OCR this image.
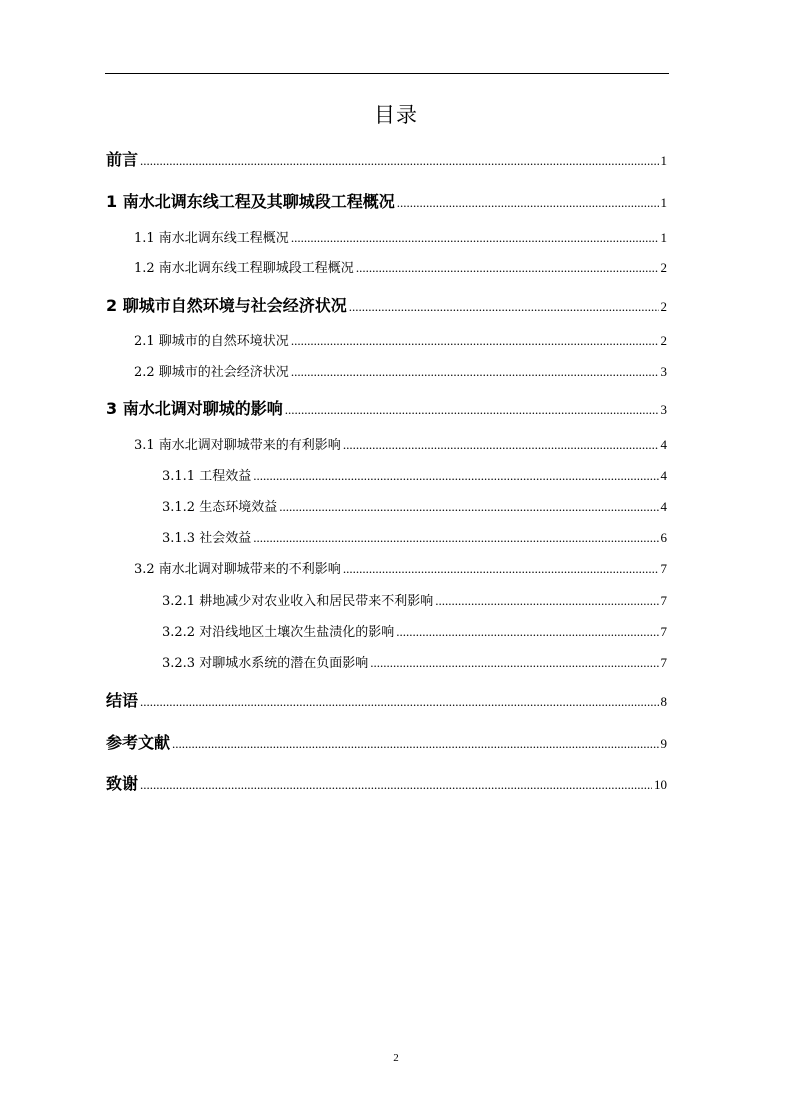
目录
前言 .....	1
1 南水北调东线工程及其聊城段工程概况 .....	1
1.1 南水北调东线工程概况 .....	1
1.2 南水北调东线工程聊城段工程概况 .....	2
2 聊城市自然环境与社会经济状况 .....	2
2.1 聊城市的自然环境状况 .....	2
2.2 聊城市的社会经济状况 .....	3
3 南水北调对聊城的影响 .....	3
3.1 南水北调对聊城带来的有利影响 .....	4
3.1.1 工程效益 .....	4
3.1.2 生态环境效益 .....	4
3.1.3 社会效益 .....	6
3.2 南水北调对聊城带来的不利影响 .....	7
3.2.1 耕地减少对农业收入和居民带来不利影响 .....	7
3.2.2 对沿线地区土壤次生盐渍化的影响 .....	7
3.2.3 对聊城水系统的潜在负面影响 .....	7
结语 .....	8
参考文献 .....	9
致谢 .....	10
2
